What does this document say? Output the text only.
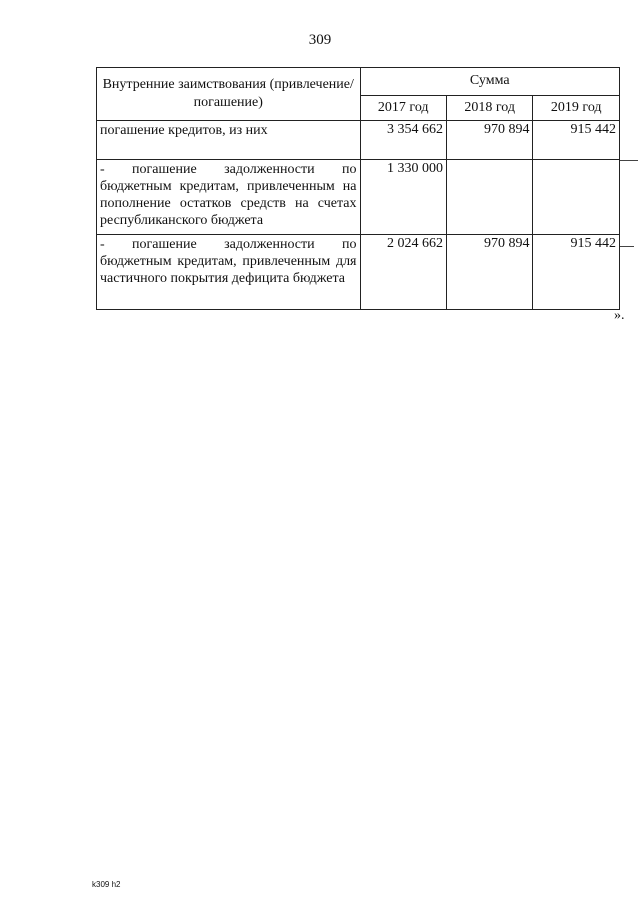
309
Внутренние заимствования (привлечение/погашение)	Сумма		
	2017 год	2018 год	2019 год
погашение кредитов, из них	3 354 662	970 894	915 442
- погашение задолженности по бюджетным кредитам, привлеченным на пополнение остатков средств на счетах республиканского бюджета	1 330 000		
- погашение задолженности по бюджетным кредитам, привлеченным для частичного покрытия дефицита бюджета	2 024 662	970 894	915 442
».
k309 h2
